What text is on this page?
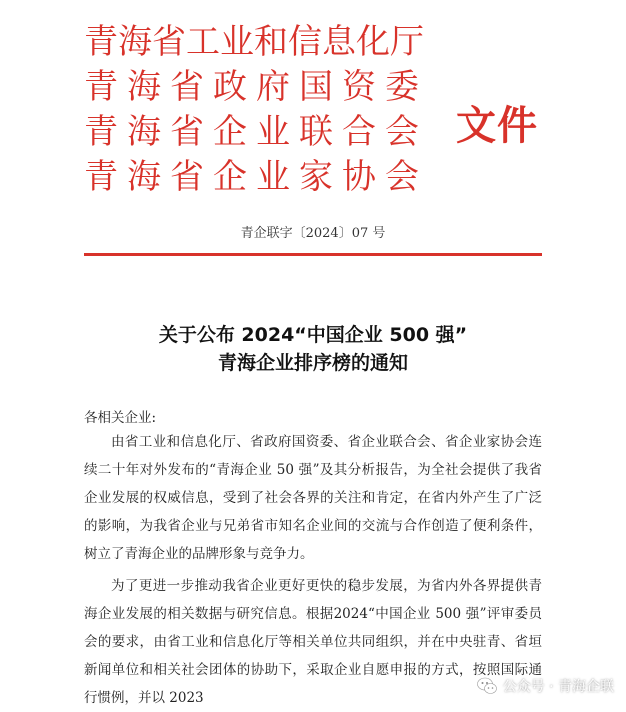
青海省工业和信息化厅
青海省政府国资委
青海省企业联合会
青海省企业家协会
文件
青企联字〔2024〕07 号
关于公布 2024“中国企业 500 强”
青海企业排序榜的通知
各相关企业:

由省工业和信息化厅、省政府国资委、省企业联合会、省企业家协会连续二十年对外发布的“青海企业 50 强”及其分析报告，为全社会提供了我省企业发展的权威信息，受到了社会各界的关注和肯定，在省内外产生了广泛的影响，为我省企业与兄弟省市知名企业间的交流与合作创造了便利条件，树立了青海企业的品牌形象与竞争力。

为了更进一步推动我省企业更好更快的稳步发展，为省内外各界提供青海企业发展的相关数据与研究信息。根据2024“中国企业 500 强”评审委员会的要求，由省工业和信息化厅等相关单位共同组织，并在中央驻青、省垣新闻单位和相关社会团体的协助下，采取企业自愿申报的方式，按照国际通行惯例，并以 2023

公众号 · 青海企联
